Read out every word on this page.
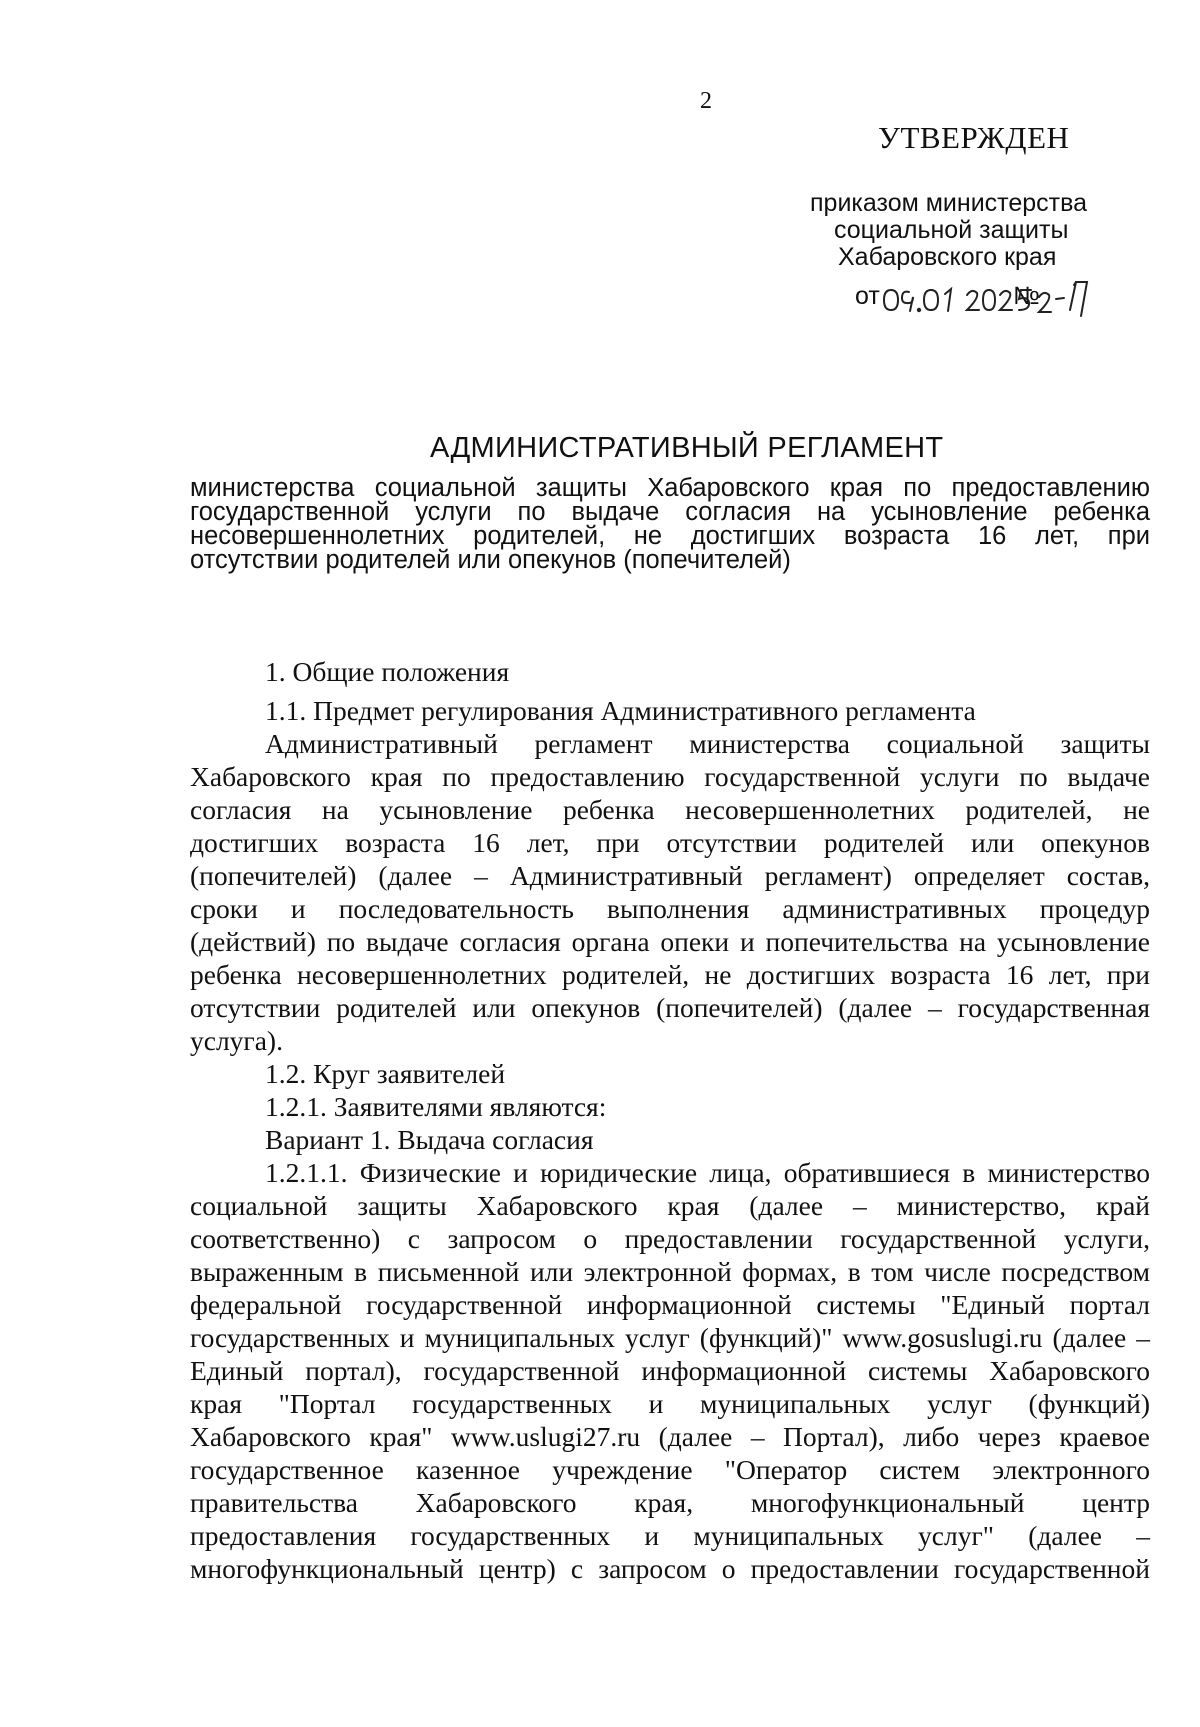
2
УТВЕРЖДЕН
приказом министерства
социальной защиты
Хабаровского края
от	№
АДМИНИСТРАТИВНЫЙ РЕГЛАМЕНТ
министерства социальной защиты Хабаровского края по предоставлению
государственной услуги по выдаче согласия на усыновление ребенка
несовершеннолетних родителей, не достигших возраста 16 лет, при
отсутствии родителей или опекунов (попечителей)
1. Общие положения
1.1. Предмет регулирования Административного регламента
Административный регламент министерства социальной защиты
Хабаровского края по предоставлению государственной услуги по выдаче
согласия на усыновление ребенка несовершеннолетних родителей, не
достигших возраста 16 лет, при отсутствии родителей или опекунов
(попечителей) (далее – Административный регламент) определяет состав,
сроки и последовательность выполнения административных процедур
(действий) по выдаче согласия органа опеки и попечительства на усыновление
ребенка несовершеннолетних родителей, не достигших возраста 16 лет, при
отсутствии родителей или опекунов (попечителей) (далее – государственная
услуга).
1.2. Круг заявителей
1.2.1. Заявителями являются:
Вариант 1. Выдача согласия
1.2.1.1. Физические и юридические лица, обратившиеся в министерство
социальной защиты Хабаровского края (далее – министерство, край
соответственно) с запросом о предоставлении государственной услуги,
выраженным в письменной или электронной формах, в том числе посредством
федеральной государственной информационной системы "Единый портал
государственных и муниципальных услуг (функций)" www.gosuslugi.ru (далее –
Единый портал), государственной информационной системы Хабаровского
края "Портал государственных и муниципальных услуг (функций)
Хабаровского края" www.uslugi27.ru (далее – Портал), либо через краевое
государственное казенное учреждение "Оператор систем электронного
правительства Хабаровского края, многофункциональный центр
предоставления государственных и муниципальных услуг" (далее –
многофункциональный центр) с запросом о предоставлении государственной
